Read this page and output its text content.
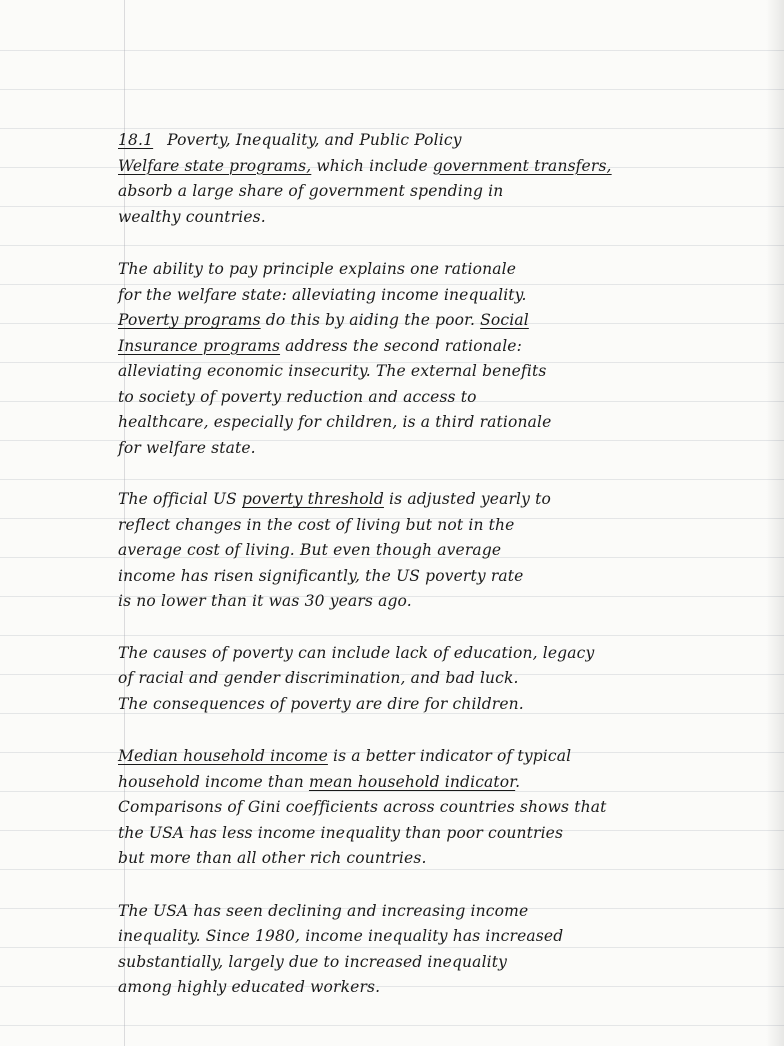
18.1 Poverty, Inequality, and Public Policy
Welfare state programs, which include government transfers,
absorb a large share of government spending in
wealthy countries.
The ability to pay principle explains one rationale
for the welfare state: alleviating income inequality.
Poverty programs do this by aiding the poor. Social
Insurance programs address the second rationale:
alleviating economic insecurity. The external benefits
to society of poverty reduction and access to
healthcare, especially for children, is a third rationale
for welfare state.
The official US poverty threshold is adjusted yearly to
reflect changes in the cost of living but not in the
average cost of living. But even though average
income has risen significantly, the US poverty rate
is no lower than it was 30 years ago.
The causes of poverty can include lack of education, legacy
of racial and gender discrimination, and bad luck.
The consequences of poverty are dire for children.
Median household income is a better indicator of typical
household income than mean household indicator.
Comparisons of Gini coefficients across countries shows that
the USA has less income inequality than poor countries
but more than all other rich countries.
The USA has seen declining and increasing income
inequality. Since 1980, income inequality has increased
substantially, largely due to increased inequality
among highly educated workers.
